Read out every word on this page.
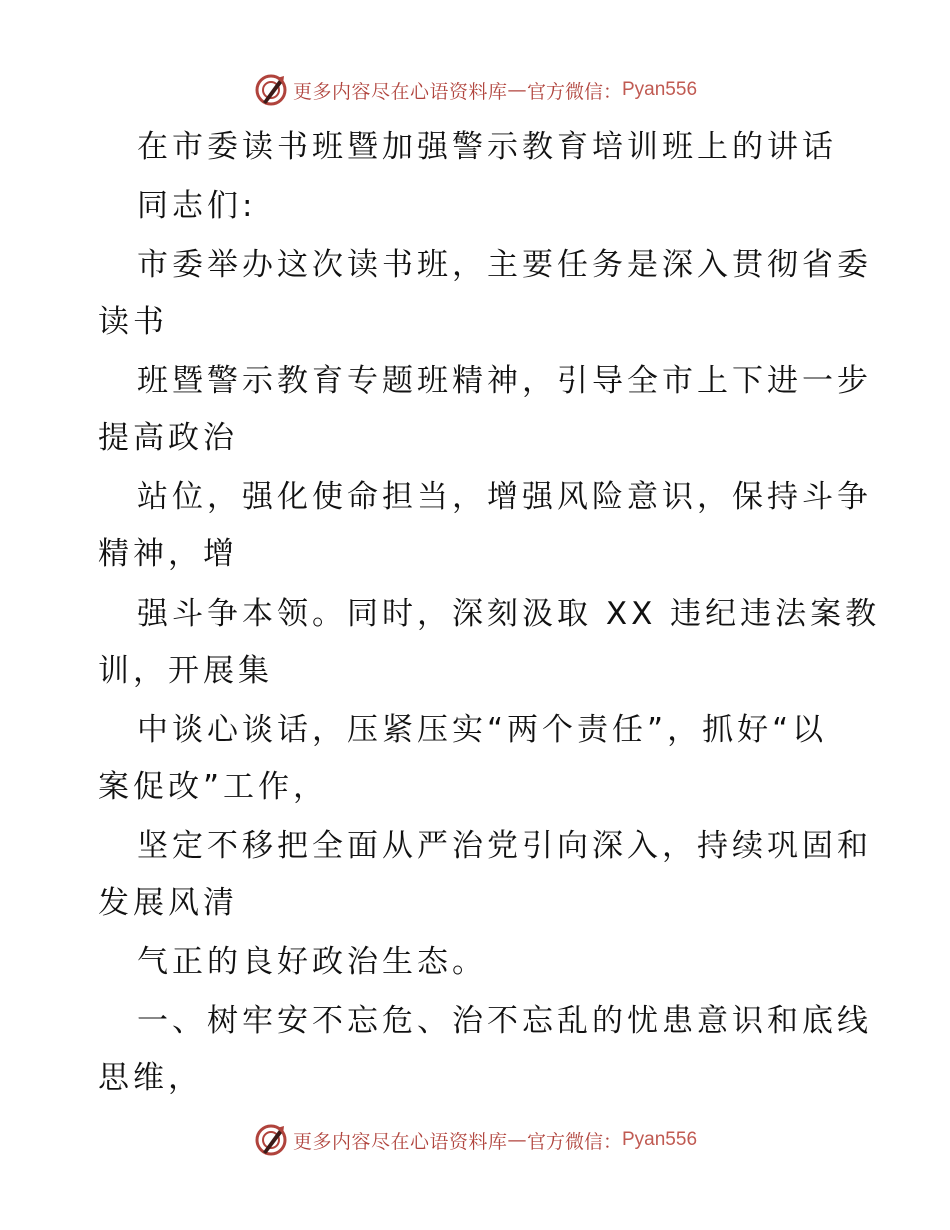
更多内容尽在心语资料库 — 官方微信： Pyan556
在市委读书班暨加强警示教育培训班上的讲话
同志们:
市委举办这次读书班，主要任务是深入贯彻省委
读书
班暨警示教育专题班精神，引导全市上下进一步
提高政治
站位，强化使命担当，增强风险意识，保持斗争
精神，增
强斗争本领。同时，深刻汲取 XX 违纪违法案教
训，开展集
中谈心谈话，压紧压实“两个责任”，抓好“以
案促改”工作，
坚定不移把全面从严治党引向深入，持续巩固和
发展风清
气正的良好政治生态。
一、树牢安不忘危、治不忘乱的忧患意识和底线
思维，
更多内容尽在心语资料库 — 官方微信： Pyan556
